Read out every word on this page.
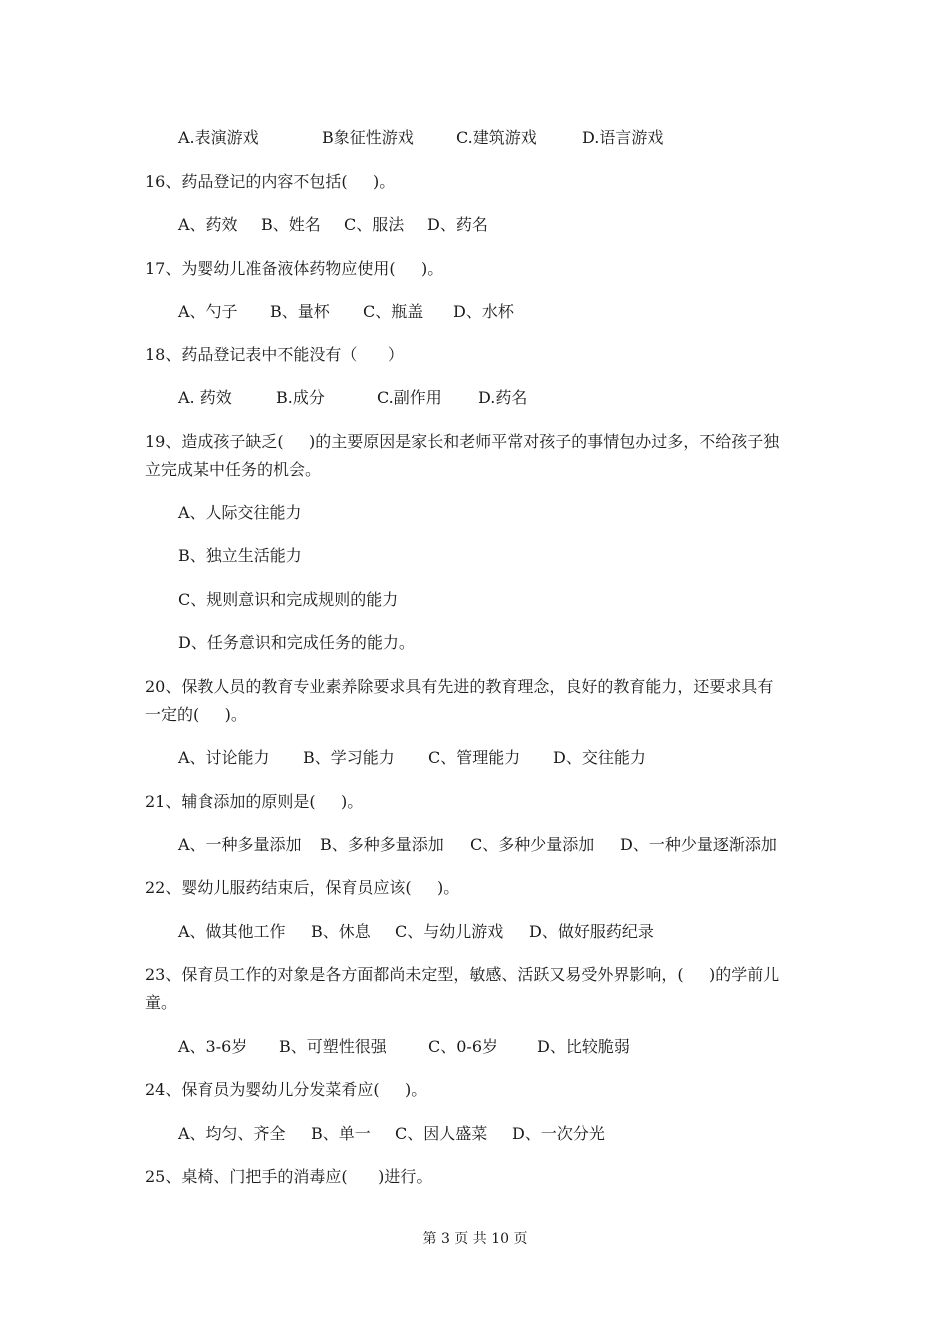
A.表演游戏

	B象征性游戏

	C.建筑游戏

	D.语言游戏

16、药品登记的内容不包括(     )。

A、药效

B、姓名

C、服法

D、药名

17、为婴幼儿准备液体药物应使用(     )。

A、勺子

B、量杯

C、瓶盖

D、水杯

18、药品登记表中不能没有（      ）

A. 药效

	B.成分

	C.副作用

D.药名

19、造成孩子缺乏(     )的主要原因是家长和老师平常对孩子的事情包办过多，不给孩子独
立完成某中任务的机会。
A、人际交往能力
B、独立生活能力
C、规则意识和完成规则的能力
D、任务意识和完成任务的能力。
20、保教人员的教育专业素养除要求具有先进的教育理念，良好的教育能力，还要求具有
一定的(     )。

A、讨论能力

B、学习能力

C、管理能力

D、交往能力

21、辅食添加的原则是(     )。

A、一种多量添加

B、多种多量添加

C、多种少量添加

D、一种少量逐渐添加

22、婴幼儿服药结束后，保育员应该(     )。

A、做其他工作

B、休息

C、与幼儿游戏

D、做好服药纪录

23、保育员工作的对象是各方面都尚未定型，敏感、活跃又易受外界影响，(     )的学前儿
童。

A、3-6岁

B、可塑性很强

	C、0-6岁

D、比较脆弱

24、保育员为婴幼儿分发菜肴应(     )。

A、均匀、齐全

B、单一

C、因人盛菜

D、一次分光

25、桌椅、门把手的消毒应(      )进行。
第 3 页 共 10 页
